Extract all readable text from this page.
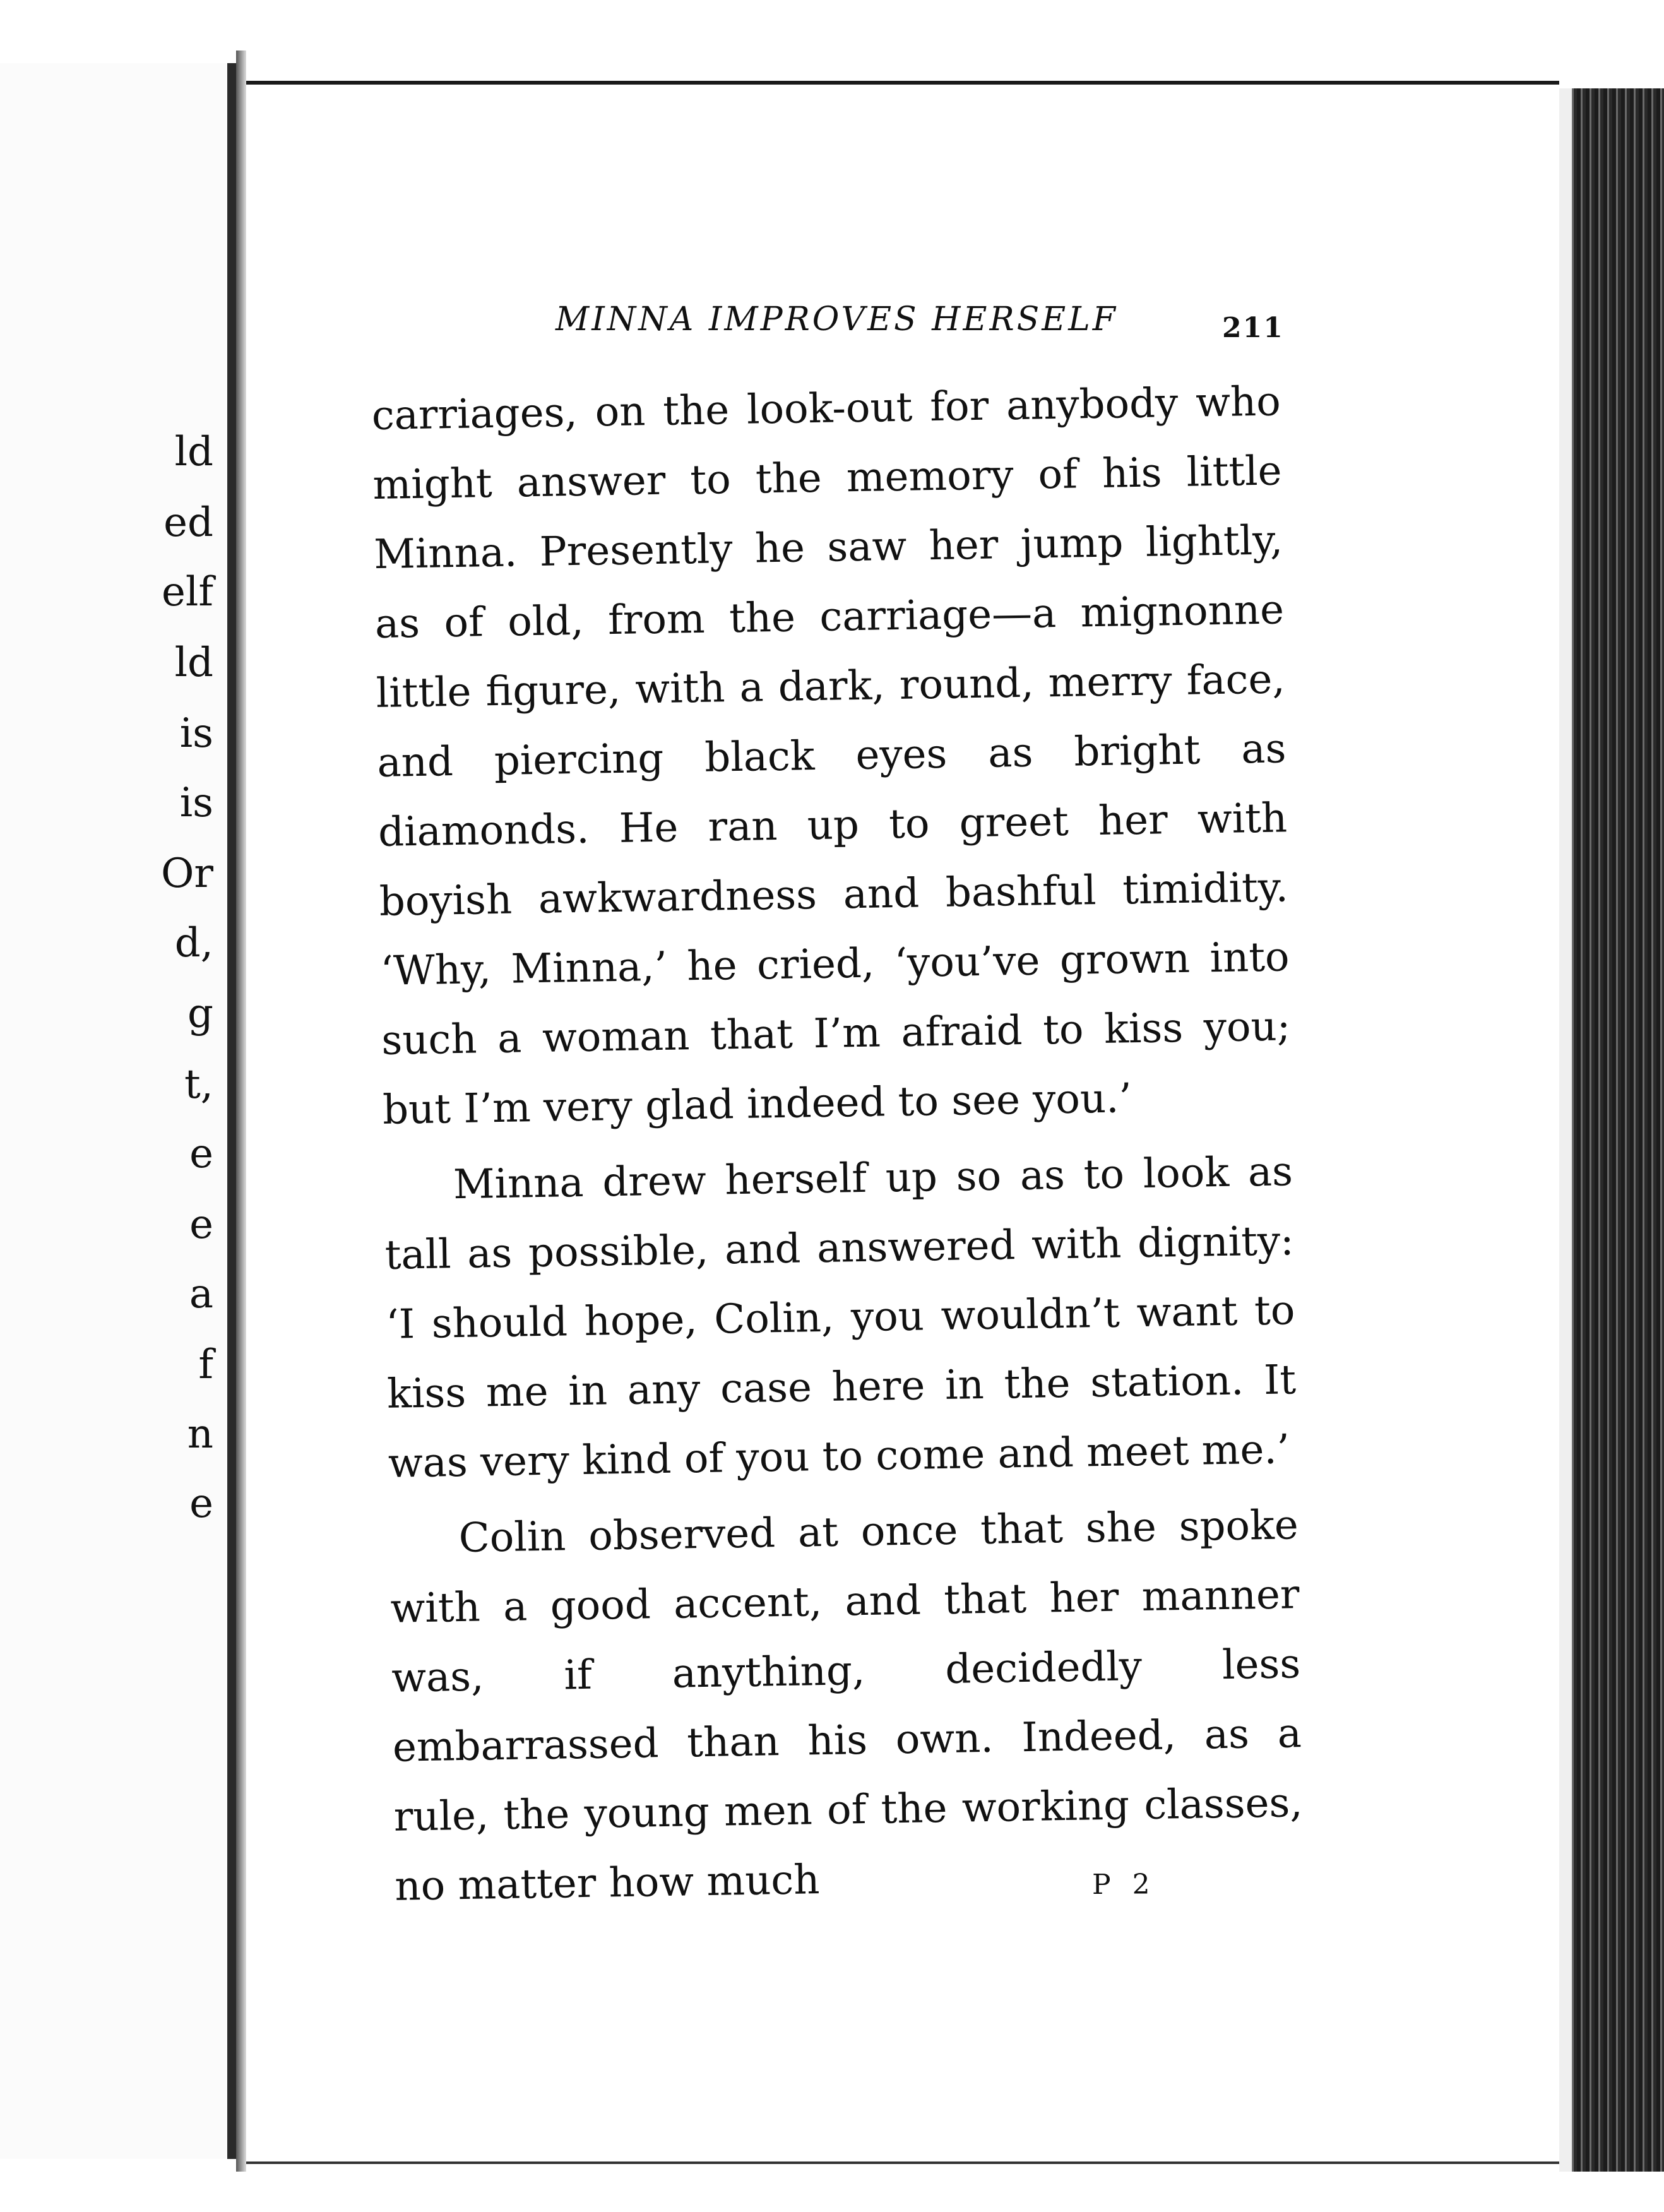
ld
ed
elf
ld
is
is
Or
d,
g
t,
e
e
a
f
n
e
MINNA IMPROVES HERSELF	211

carriages, on the look-out for anybody who might answer to the memory of his little Minna. Presently he saw her jump lightly, as of old, from the carriage—a mignonne little figure, with a dark, round, merry face, and piercing black eyes as bright as diamonds. He ran up to greet her with boyish awkwardness and bashful timidity. ‘Why, Minna,’ he cried, ‘you’ve grown into such a woman that I’m afraid to kiss you; but I’m very glad indeed to see you.’

Minna drew herself up so as to look as tall as possible, and answered with dignity: ‘I should hope, Colin, you wouldn’t want to kiss me in any case here in the station. It was very kind of you to come and meet me.’

Colin observed at once that she spoke with a good accent, and that her manner was, if anything, decidedly less embarrassed than his own. Indeed, as a rule, the young men of the working classes, no matter how much	P 2
